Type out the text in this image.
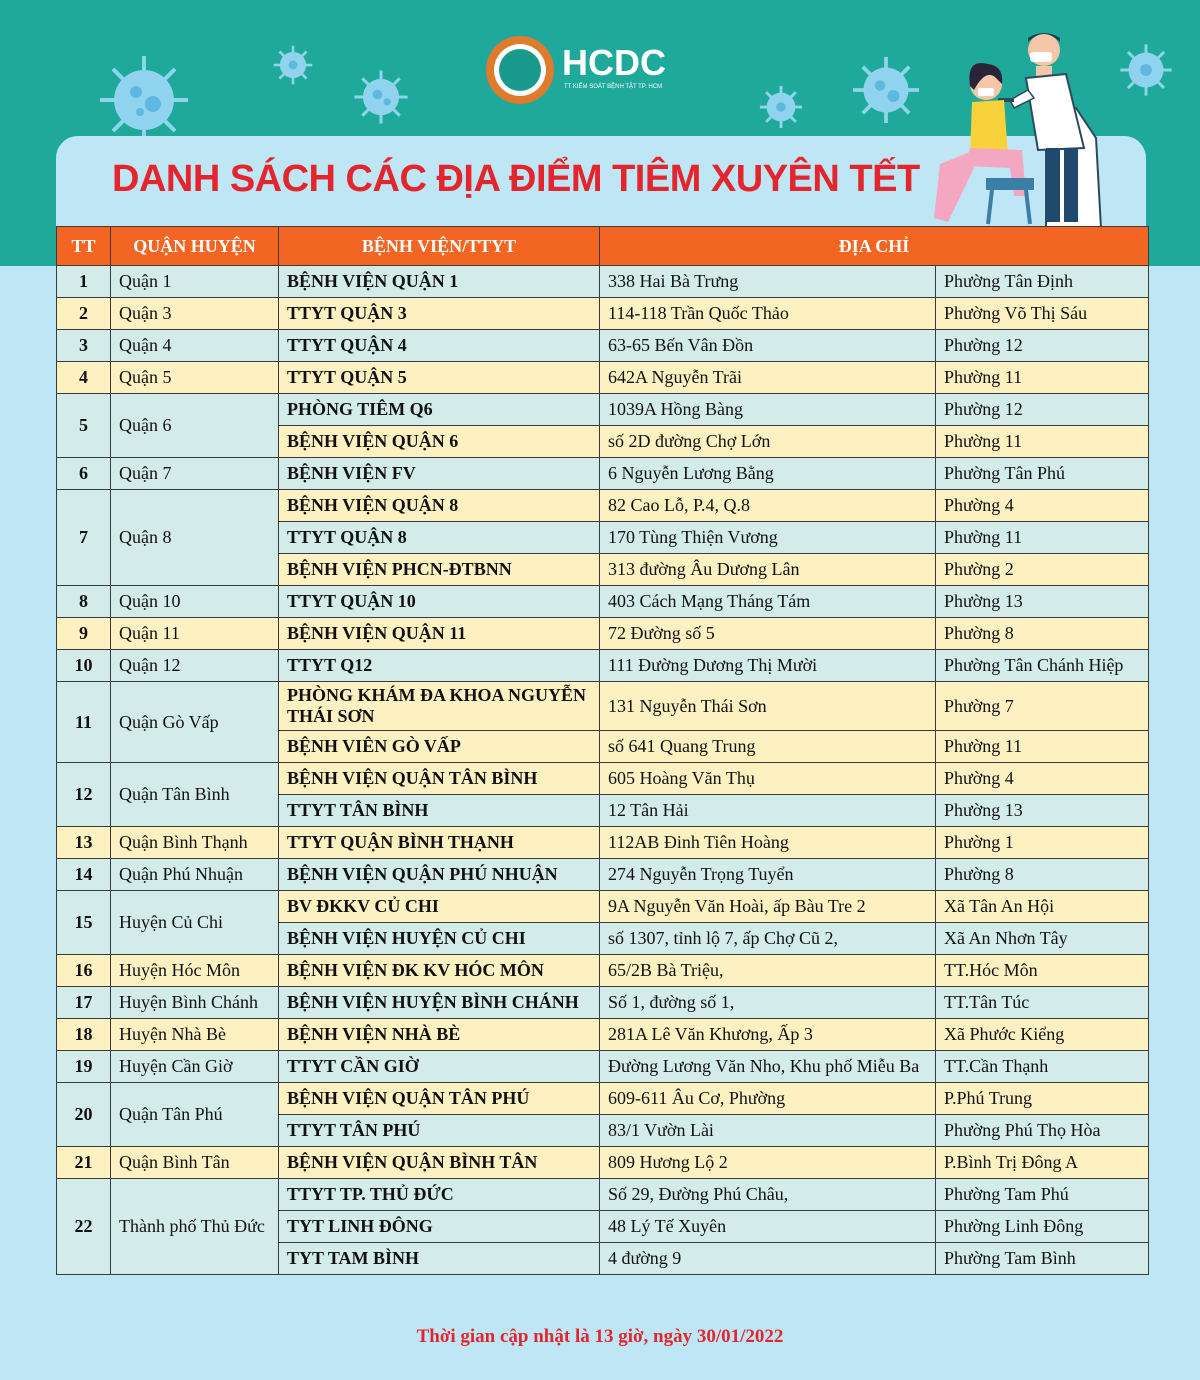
HCDC
TT KIỂM SOÁT BỆNH TẬT TP. HCM
DANH SÁCH CÁC ĐỊA ĐIỂM TIÊM XUYÊN TẾT
TT	QUẬN HUYỆN	BỆNH VIỆN/TTYT	ĐỊA CHỈ	
1	Quận 1	BỆNH VIỆN QUẬN 1	338 Hai Bà Trưng	Phường Tân Định
2	Quận 3	TTYT QUẬN 3	114-118 Trần Quốc Thảo	Phường Võ Thị Sáu
3	Quận 4	TTYT QUẬN 4	63-65 Bến Vân Đồn	Phường 12
4	Quận 5	TTYT QUẬN 5	642A Nguyễn Trãi	Phường 11
5	Quận 6	PHÒNG TIÊM Q6	1039A Hồng Bàng	Phường 12
		BỆNH VIỆN QUẬN 6	số 2D đường Chợ Lớn	Phường 11
6	Quận 7	BỆNH VIỆN FV	6 Nguyễn Lương Bằng	Phường Tân Phú
7	Quận 8	BỆNH VIỆN QUẬN 8	82 Cao Lỗ, P.4, Q.8	Phường 4
		TTYT QUẬN 8	170 Tùng Thiện Vương	Phường 11
		BỆNH VIỆN PHCN-ĐTBNN	313 đường Âu Dương Lân	Phường 2
8	Quận 10	TTYT QUẬN 10	403 Cách Mạng Tháng Tám	Phường 13
9	Quận 11	BỆNH VIỆN QUẬN 11	72 Đường số 5	Phường 8
10	Quận 12	TTYT Q12	111 Đường Dương Thị Mười	Phường Tân Chánh Hiệp
11	Quận Gò Vấp	PHÒNG KHÁM ĐA KHOA NGUYỄN THÁI SƠN	131 Nguyễn Thái Sơn	Phường 7
		BỆNH VIÊN GÒ VẤP	số 641 Quang Trung	Phường 11
12	Quận Tân Bình	BỆNH VIỆN QUẬN TÂN BÌNH	605 Hoàng Văn Thụ	Phường 4
		TTYT TÂN BÌNH	12 Tân Hải	Phường 13
13	Quận Bình Thạnh	TTYT QUẬN BÌNH THẠNH	112AB Đinh Tiên Hoàng	Phường 1
14	Quận Phú Nhuận	BỆNH VIỆN QUẬN PHÚ NHUẬN	274 Nguyễn Trọng Tuyển	Phường 8
15	Huyện Củ Chi	BV ĐKKV CỦ CHI	9A Nguyễn Văn Hoài, ấp Bàu Tre 2	Xã Tân An Hội
		BỆNH VIỆN HUYỆN CỦ CHI	số 1307, tỉnh lộ 7, ấp Chợ Cũ 2,	Xã An Nhơn Tây
16	Huyện Hóc Môn	BỆNH VIỆN ĐK KV HÓC MÔN	65/2B Bà Triệu,	TT.Hóc Môn
17	Huyện Bình Chánh	BỆNH VIỆN HUYỆN BÌNH CHÁNH	Số 1, đường số 1,	TT.Tân Túc
18	Huyện Nhà Bè	BỆNH VIỆN NHÀ BÈ	281A Lê Văn Khương, Ấp 3	Xã Phước Kiểng
19	Huyện Cần Giờ	TTYT CẦN GIỜ	Đường Lương Văn Nho, Khu phố Miễu Ba	TT.Cần Thạnh
20	Quận Tân Phú	BỆNH VIỆN QUẬN TÂN PHÚ	609-611 Âu Cơ, Phường	P.Phú Trung
		TTYT TÂN PHÚ	83/1 Vườn Lài	Phường Phú Thọ Hòa
21	Quận Bình Tân	BỆNH VIỆN QUẬN BÌNH TÂN	809 Hương Lộ 2	P.Bình Trị Đông A
22	Thành phố Thủ Đức	TTYT TP. THỦ ĐỨC	Số 29, Đường Phú Châu,	Phường Tam Phú
		TYT LINH ĐÔNG	48 Lý Tế Xuyên	Phường Linh Đông
		TYT TAM BÌNH	4 đường 9	Phường Tam Bình
Thời gian cập nhật là 13 giờ, ngày 30/01/2022
